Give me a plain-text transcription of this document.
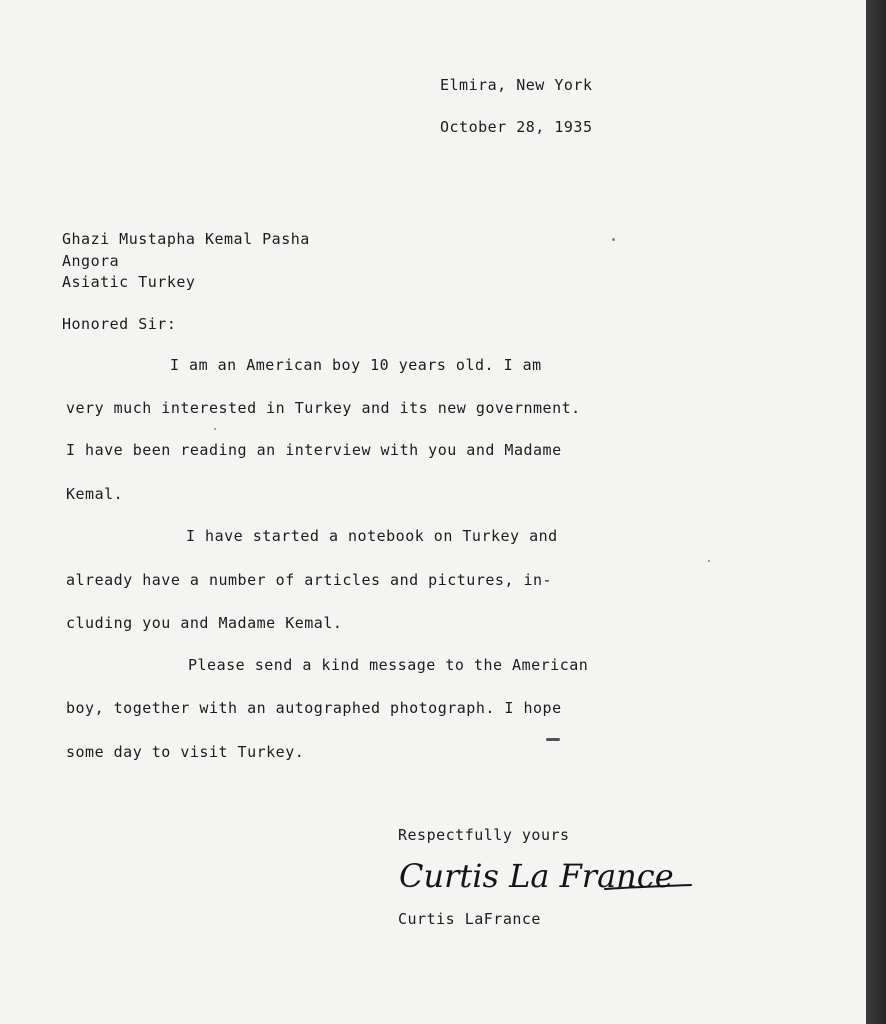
Elmira, New York
October 28, 1935
Ghazi Mustapha Kemal Pasha
Angora
Asiatic Turkey
Honored Sir:
I am an American boy 10 years old. I am
very much interested in Turkey and its new government.
I have been reading an interview with you and Madame
Kemal.
I have started a notebook on Turkey and
already have a number of articles and pictures, in-
cluding you and Madame Kemal.
Please send a kind message to the American
boy, together with an autographed photograph. I hope
some day to visit Turkey.
Respectfully yours
Curtis La France
Curtis LaFrance
